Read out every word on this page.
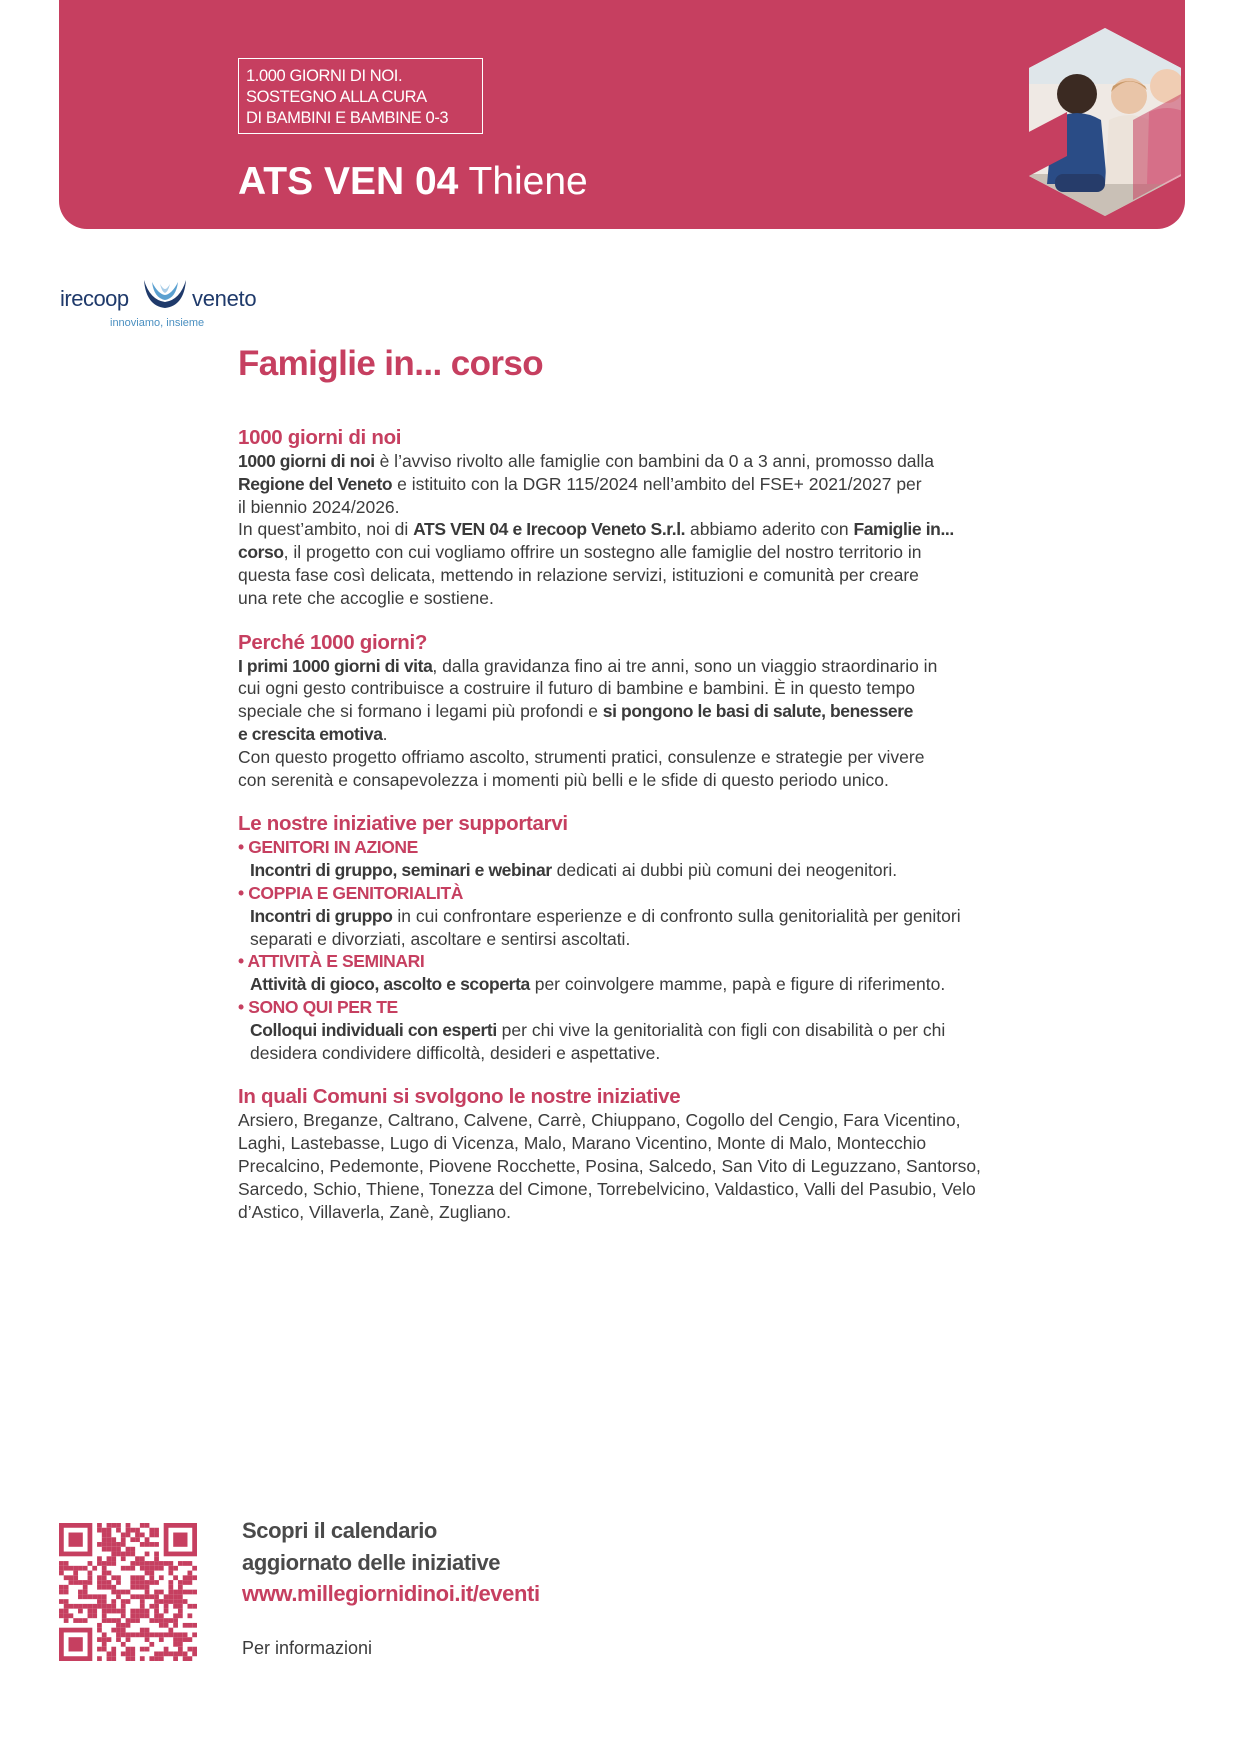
1.000 GIORNI DI NOI.
SOSTEGNO ALLA CURA
DI BAMBINI E BAMBINE 0-3
ATS VEN 04 Thiene
irecoop	veneto
innoviamo, insieme
Famiglie in... corso

1000 giorni di noi

1000 giorni di noi è l’avviso rivolto alle famiglie con bambini da 0 a 3 anni, promosso dalla
Regione del Veneto e istituito con la DGR 115/2024 nell’ambito del FSE+ 2021/2027 per
il biennio 2024/2026.
In quest’ambito, noi di ATS VEN 04 e Irecoop Veneto S.r.l. abbiamo aderito con Famiglie in...
corso, il progetto con cui vogliamo offrire un sostegno alle famiglie del nostro territorio in
questa fase così delicata, mettendo in relazione servizi, istituzioni e comunità per creare
una rete che accoglie e sostiene.

Perché 1000 giorni?

I primi 1000 giorni di vita, dalla gravidanza fino ai tre anni, sono un viaggio straordinario in
cui ogni gesto contribuisce a costruire il futuro di bambine e bambini. È in questo tempo
speciale che si formano i legami più profondi e si pongono le basi di salute, benessere
e crescita emotiva.
Con questo progetto offriamo ascolto, strumenti pratici, consulenze e strategie per vivere
con serenità e consapevolezza i momenti più belli e le sfide di questo periodo unico.

Le nostre iniziative per supportarvi

• GENITORI IN AZIONE
Incontri di gruppo, seminari e webinar dedicati ai dubbi più comuni dei neogenitori.
• COPPIA E GENITORIALITÀ
Incontri di gruppo in cui confrontare esperienze e di confronto sulla genitorialità per genitori
separati e divorziati, ascoltare e sentirsi ascoltati.
• ATTIVITÀ E SEMINARI
Attività di gioco, ascolto e scoperta per coinvolgere mamme, papà e figure di riferimento.
• SONO QUI PER TE
Colloqui individuali con esperti per chi vive la genitorialità con figli con disabilità o per chi
desidera condividere difficoltà, desideri e aspettative.

In quali Comuni si svolgono le nostre iniziative

Arsiero, Breganze, Caltrano, Calvene, Carrè, Chiuppano, Cogollo del Cengio, Fara Vicentino,
Laghi, Lastebasse, Lugo di Vicenza, Malo, Marano Vicentino, Monte di Malo, Montecchio
Precalcino, Pedemonte, Piovene Rocchette, Posina, Salcedo, San Vito di Leguzzano, Santorso,
Sarcedo, Schio, Thiene, Tonezza del Cimone, Torrebelvicino, Valdastico, Valli del Pasubio, Velo
d’Astico, Villaverla, Zanè, Zugliano.
Scopri il calendario
aggiornato delle iniziative
www.millegiornidinoi.it/eventi
Per informazioni
